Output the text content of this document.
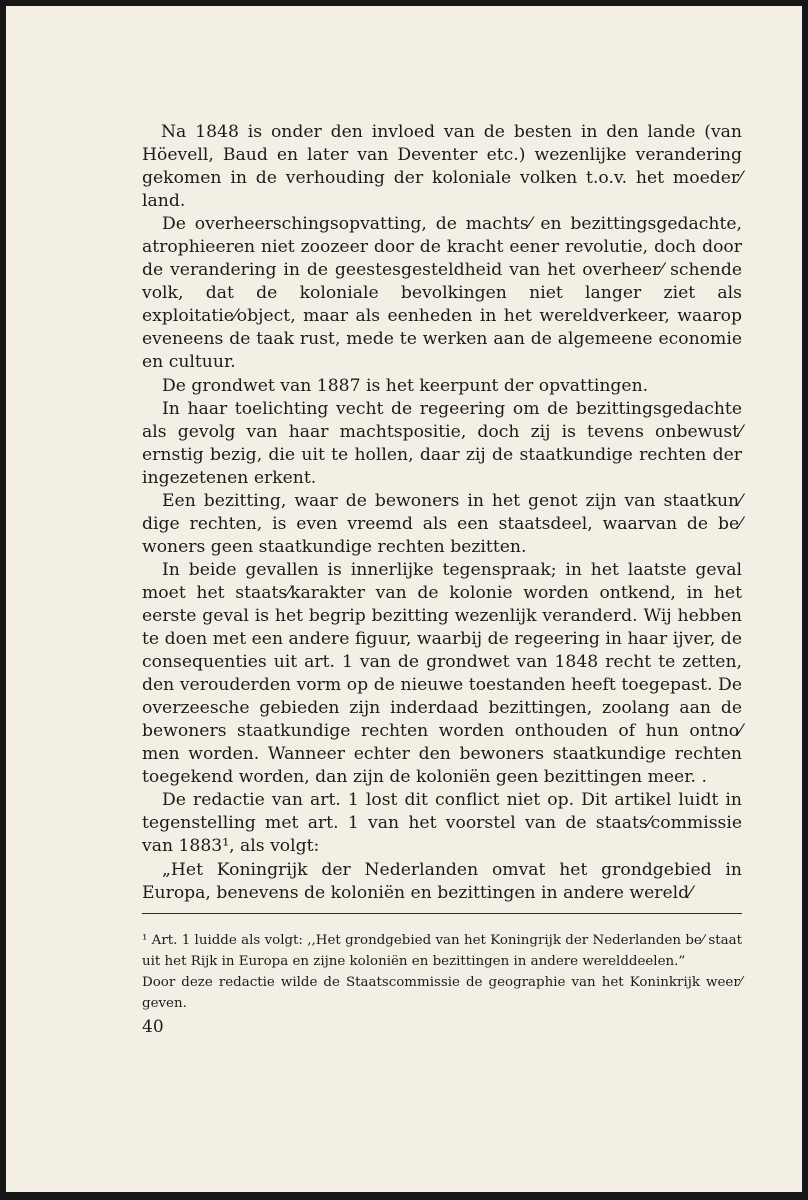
Na 1848 is onder den invloed van de besten in den lande (van Höevell, Baud en later van Deventer etc.) wezenlijke verandering gekomen in de verhouding der koloniale volken t.o.v. het moeder⁄ land.

De overheerschingsopvatting, de machts⁄ en bezittingsgedachte, atrophieeren niet zoozeer door de kracht eener revolutie, doch door de verandering in de geestesgesteldheid van het overheer⁄ schende volk, dat de koloniale bevolkingen niet langer ziet als exploitatie⁄object, maar als eenheden in het wereldverkeer, waarop eveneens de taak rust, mede te werken aan de algemeene economie en cultuur.

De grondwet van 1887 is het keerpunt der opvattingen.

In haar toelichting vecht de regeering om de bezittingsgedachte als gevolg van haar machtspositie, doch zij is tevens onbewust⁄ ernstig bezig, die uit te hollen, daar zij de staatkundige rechten der ingezetenen erkent.

Een bezitting, waar de bewoners in het genot zijn van staatkun⁄ dige rechten, is even vreemd als een staatsdeel, waarvan de be⁄ woners geen staatkundige rechten bezitten.

In beide gevallen is innerlijke tegenspraak; in het laatste geval moet het staats⁄karakter van de kolonie worden ontkend, in het eerste geval is het begrip bezitting wezenlijk veranderd. Wij hebben te doen met een andere figuur, waarbij de regeering in haar ijver, de consequenties uit art. 1 van de grondwet van 1848 recht te zetten, den verouderden vorm op de nieuwe toestanden heeft toegepast. De overzeesche gebieden zijn inderdaad bezittingen, zoolang aan de bewoners staatkundige rechten worden onthouden of hun ontno⁄ men worden. Wanneer echter den bewoners staatkundige rechten toegekend worden, dan zijn de koloniën geen bezittingen meer. .

De redactie van art. 1 lost dit conflict niet op. Dit artikel luidt in tegenstelling met art. 1 van het voorstel van de staats⁄commissie van 1883¹, als volgt:

„Het Koningrijk der Nederlanden omvat het grondgebied in Europa, benevens de koloniën en bezittingen in andere wereld⁄

¹ Art. 1 luidde als volgt: ,,Het grondgebied van het Koningrijk der Nederlanden be⁄ staat uit het Rijk in Europa en zijne koloniën en bezittingen in andere werelddeelen.”

Door deze redactie wilde de Staatscommissie de geographie van het Koninkrijk weer⁄ geven.

40
